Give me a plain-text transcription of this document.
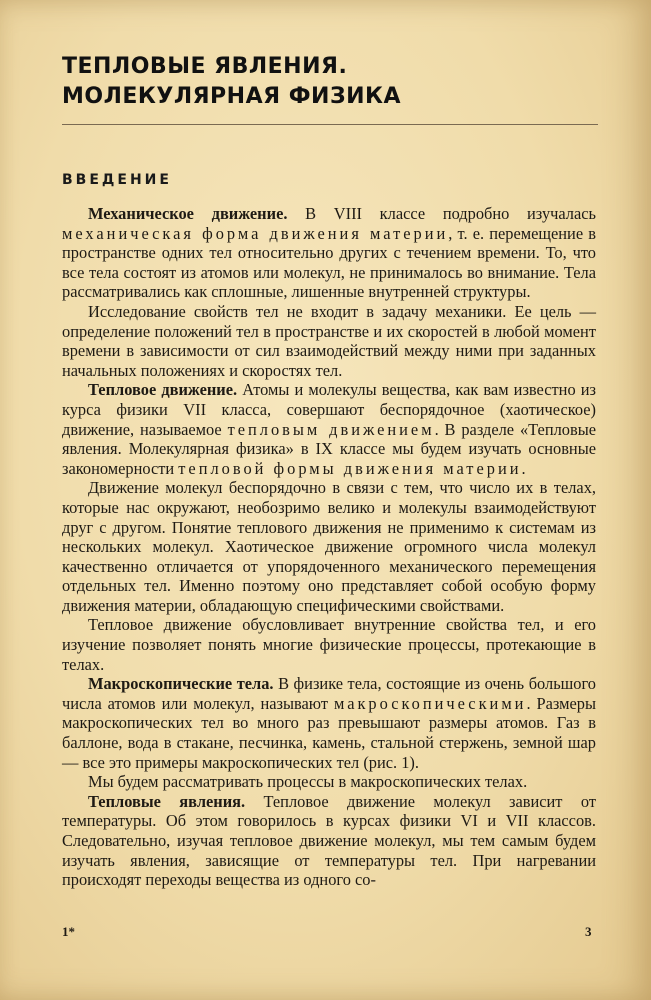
ТЕПЛОВЫЕ ЯВЛЕНИЯ.
МОЛЕКУЛЯРНАЯ ФИЗИКА
ВВЕДЕНИЕ

Механическое движение. В VIII классе подробно изучалась механическая форма движения материи, т. е. перемещение в пространстве одних тел относительно других с течением времени. То, что все тела состоят из атомов или молекул, не принималось во внимание. Тела рассматривались как сплошные, лишенные внутренней структуры.

Исследование свойств тел не входит в задачу механики. Ее цель — определение положений тел в пространстве и их скоростей в любой момент времени в зависимости от сил взаимодействий между ними при заданных начальных положениях и скоростях тел.

Тепловое движение. Атомы и молекулы вещества, как вам известно из курса физики VII класса, совершают беспорядочное (хаотическое) движение, называемое тепловым движением. В разделе «Тепловые явления. Молекулярная физика» в IX классе мы будем изучать основные закономерности тепловой формы движения материи.

Движение молекул беспорядочно в связи с тем, что число их в телах, которые нас окружают, необозримо велико и молекулы взаимодействуют друг с другом. Понятие теплового движения не применимо к системам из нескольких молекул. Хаотическое движение огромного числа молекул качественно отличается от упорядоченного механического перемещения отдельных тел. Именно поэтому оно представляет собой особую форму движения материи, обладающую специфическими свойствами.

Тепловое движение обусловливает внутренние свойства тел, и его изучение позволяет понять многие физические процессы, протекающие в телах.

Макроскопические тела. В физике тела, состоящие из очень большого числа атомов или молекул, называют макроскопическими. Размеры макроскопических тел во много раз превышают размеры атомов. Газ в баллоне, вода в стакане, песчинка, камень, стальной стержень, земной шар — все это примеры макроскопических тел (рис. 1).

Мы будем рассматривать процессы в макроскопических телах.

Тепловые явления. Тепловое движение молекул зависит от температуры. Об этом говорилось в курсах физики VI и VII классов. Следовательно, изучая тепловое движение молекул, мы тем самым будем изучать явления, зависящие от температуры тел. При нагревании происходят переходы вещества из одного со-

1*	3
